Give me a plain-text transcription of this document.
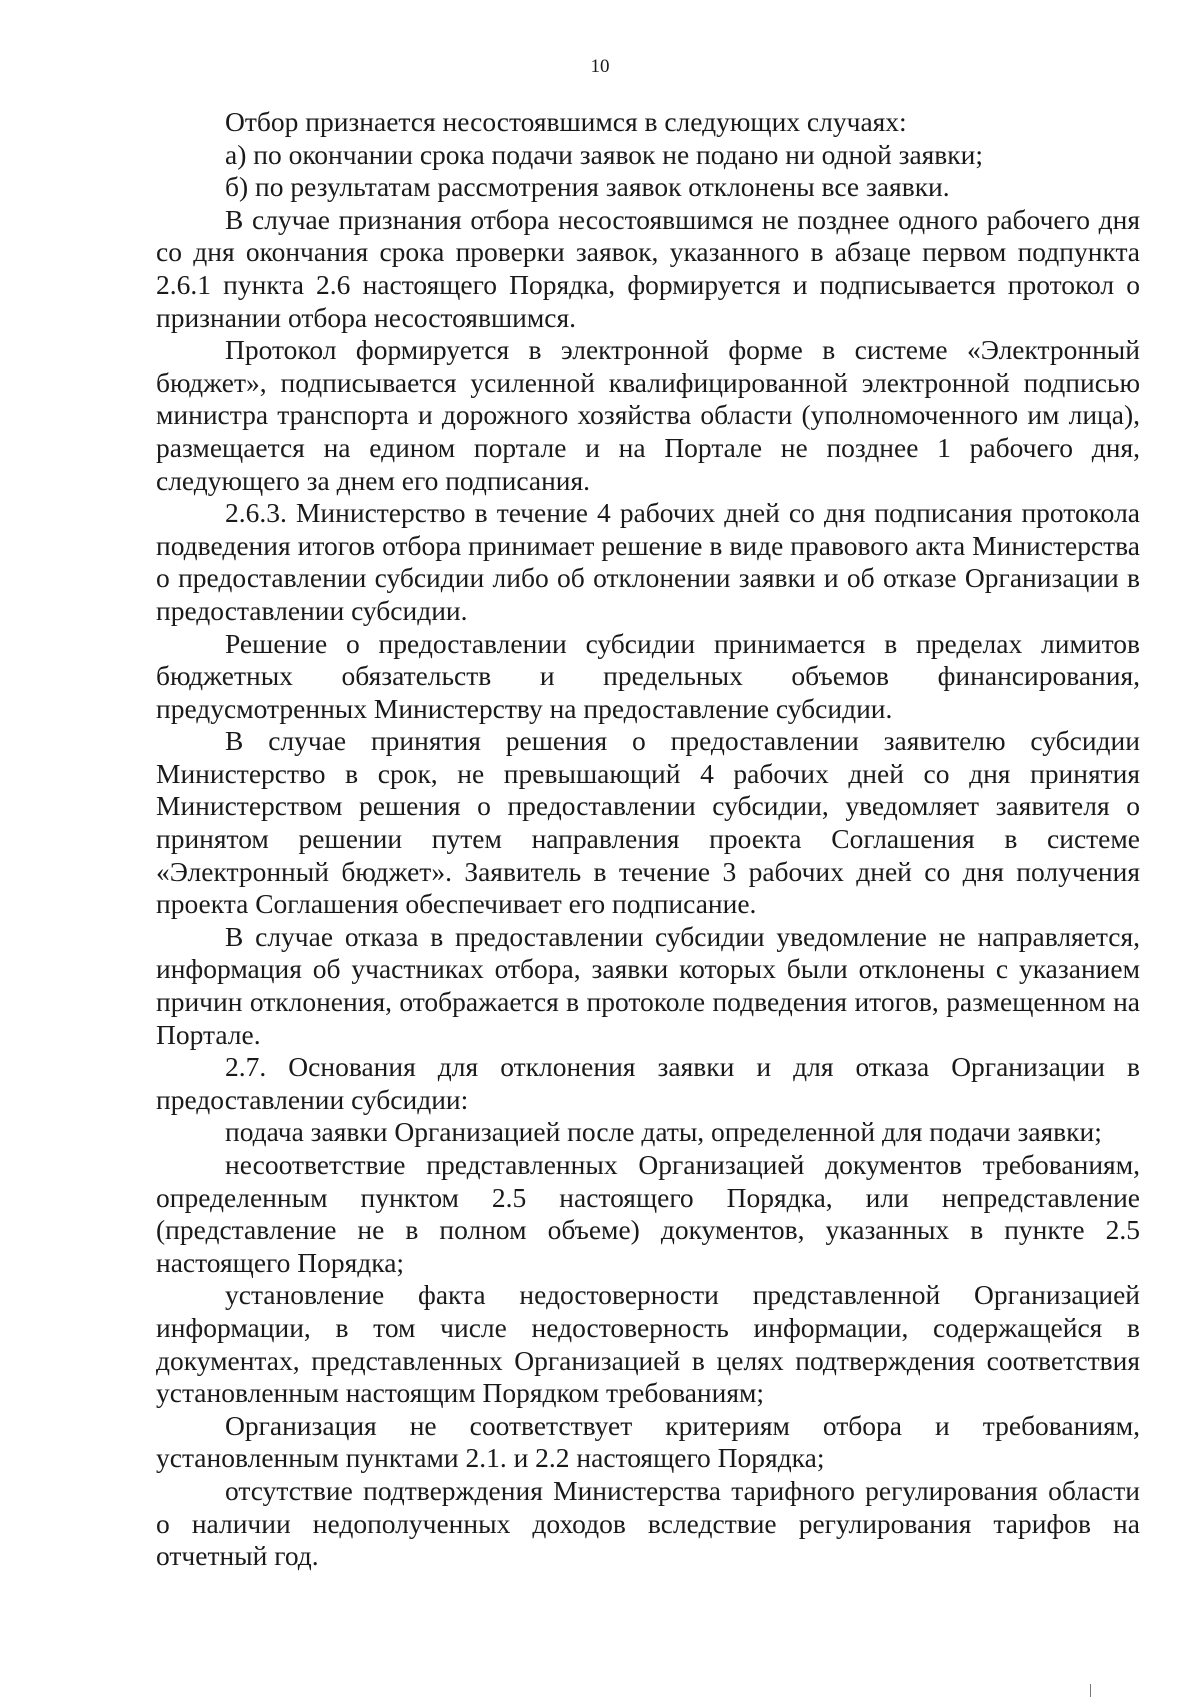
10

Отбор признается несостоявшимся в следующих случаях:

а) по окончании срока подачи заявок не подано ни одной заявки;

б) по результатам рассмотрения заявок отклонены все заявки.

В случае признания отбора несостоявшимся не позднее одного рабочего дня со дня окончания срока проверки заявок, указанного в абзаце первом подпункта 2.6.1 пункта 2.6 настоящего Порядка, формируется и подписывается протокол о признании отбора несостоявшимся.

Протокол формируется в электронной форме в системе «Электронный бюджет», подписывается усиленной квалифицированной электронной подписью министра транспорта и дорожного хозяйства области (уполномоченного им лица), размещается на едином портале и на Портале не позднее 1 рабочего дня, следующего за днем его подписания.

2.6.3. Министерство в течение 4 рабочих дней со дня подписания протокола подведения итогов отбора принимает решение в виде правового акта Министерства о предоставлении субсидии либо об отклонении заявки и об отказе Организации в предоставлении субсидии.

Решение о предоставлении субсидии принимается в пределах лимитов бюджетных обязательств и предельных объемов финансирования, предусмотренных Министерству на предоставление субсидии.

В случае принятия решения о предоставлении заявителю субсидии Министерство в срок, не превышающий 4 рабочих дней со дня принятия Министерством решения о предоставлении субсидии, уведомляет заявителя о принятом решении путем направления проекта Соглашения в системе «Электронный бюджет». Заявитель в течение 3 рабочих дней со дня получения проекта Соглашения обеспечивает его подписание.

В случае отказа в предоставлении субсидии уведомление не направляется, информация об участниках отбора, заявки которых были отклонены с указанием причин отклонения, отображается в протоколе подведения итогов, размещенном на Портале.

2.7. Основания для отклонения заявки и для отказа Организации в предоставлении субсидии:

подача заявки Организацией после даты, определенной для подачи заявки;

несоответствие представленных Организацией документов требованиям, определенным пунктом 2.5 настоящего Порядка, или непредставление (представление не в полном объеме) документов, указанных в пункте 2.5 настоящего Порядка;

установление факта недостоверности представленной Организацией информации, в том числе недостоверность информации, содержащейся в документах, представленных Организацией в целях подтверждения соответствия установленным настоящим Порядком требованиям;

Организация не соответствует критериям отбора и требованиям, установленным пунктами 2.1. и 2.2 настоящего Порядка;

отсутствие подтверждения Министерства тарифного регулирования области о наличии недополученных доходов вследствие регулирования тарифов на отчетный год.
